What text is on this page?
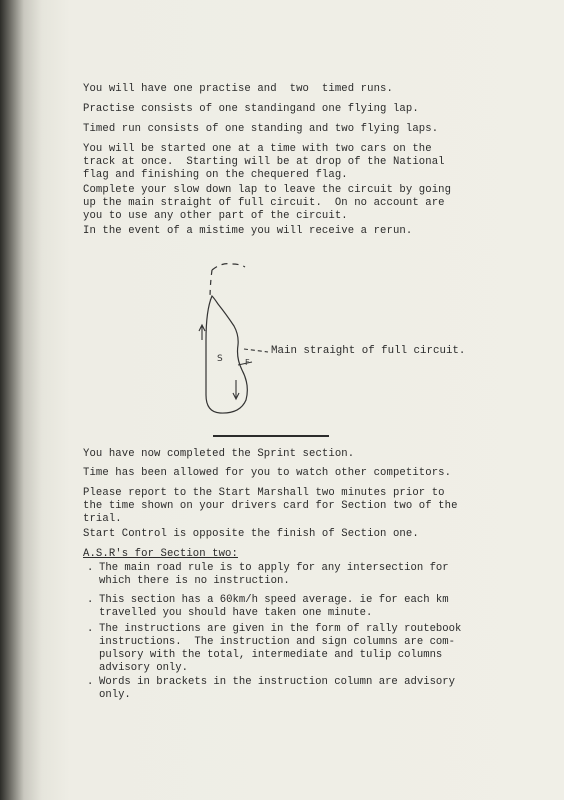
You will have one practise and  two  timed runs.
Practise consists of one standingand one flying lap.
Timed run consists of one standing and two flying laps.
You will be started one at a time with two cars on the
track at once.  Starting will be at drop of the National
flag and finishing on the chequered flag.
Complete your slow down lap to leave the circuit by going
up the main straight of full circuit.  On no account are
you to use any other part of the circuit.
In the event of a mistime you will receive a rerun.
S	F
Main straight of full circuit.
You have now completed the Sprint section.
Time has been allowed for you to watch other competitors.
Please report to the Start Marshall two minutes prior to
the time shown on your drivers card for Section two of the
trial.
Start Control is opposite the finish of Section one.
A.S.R's for Section two:
. The main road rule is to apply for any intersection for
which there is no instruction.
. This section has a 60km/h speed average. ie for each km
travelled you should have taken one minute.
. The instructions are given in the form of rally routebook
instructions.  The instruction and sign columns are com-
pulsory with the total, intermediate and tulip columns
advisory only.
. Words in brackets in the instruction column are advisory
only.
